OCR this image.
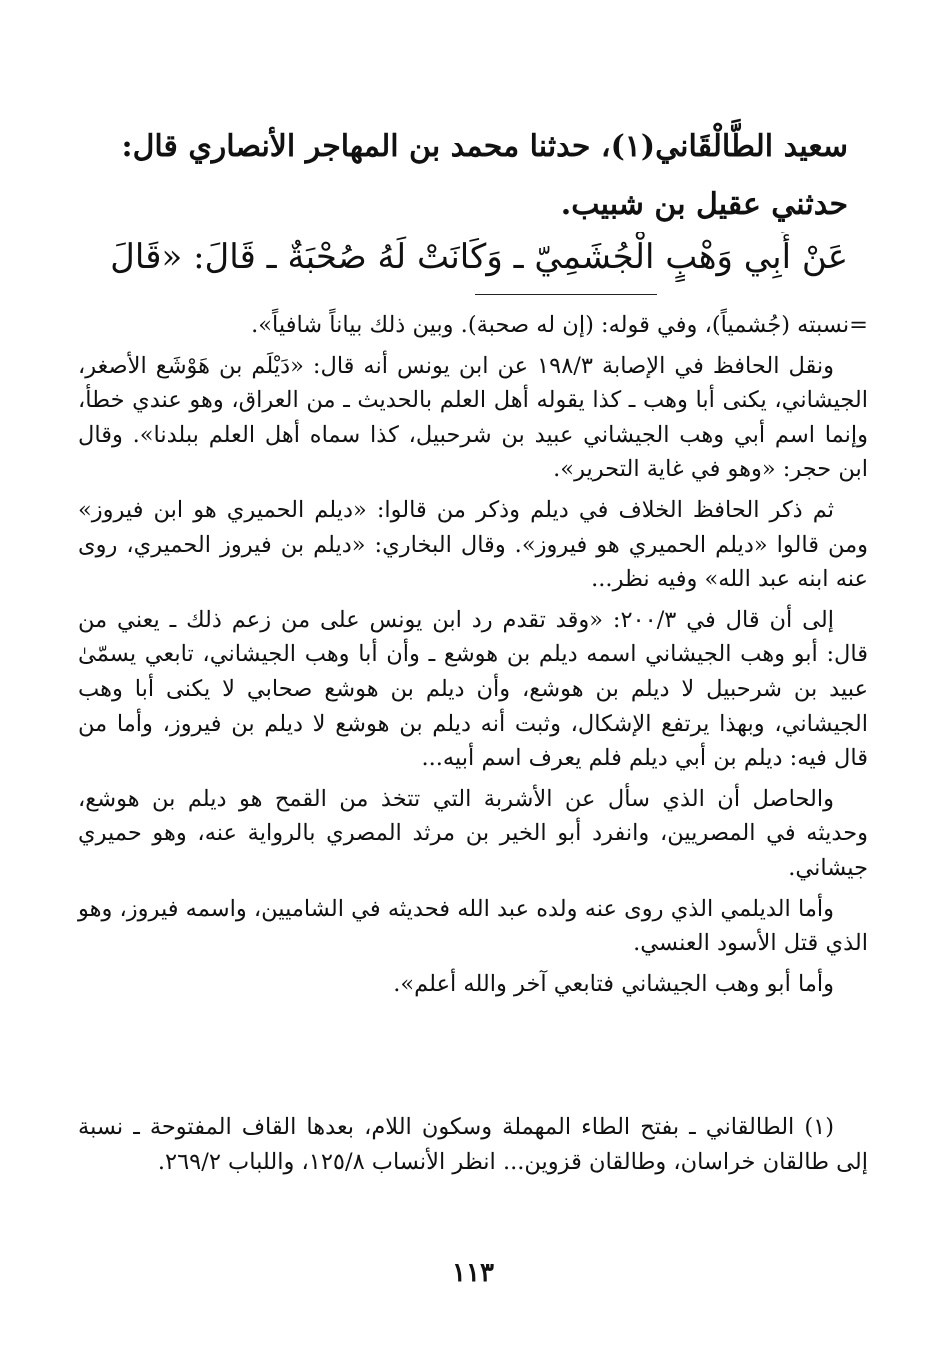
سعيد الطَّالْقَاني(١)، حدثنا محمد بن المهاجر الأنصاري قال:
حدثني عقيل بن شبيب.
عَنْ أَبِي وَهْبٍ الْجُشَمِيّ ـ وَكَانَتْ لَهُ صُحْبَةٌ ـ قَالَ: «قَالَ

=نسبته (جُشمياً)، وفي قوله: (إن له صحبة). وبين ذلك بياناً شافياً».

ونقل الحافظ في الإصابة ١٩٨/٣ عن ابن يونس أنه قال: «دَيْلَم بن هَوْشَع الأصغر، الجيشاني، يكنى أبا وهب ـ كذا يقوله أهل العلم بالحديث ـ من العراق، وهو عندي خطأ، وإنما اسم أبي وهب الجيشاني عبيد بن شرحبيل، كذا سماه أهل العلم ببلدنا». وقال ابن حجر: «وهو في غاية التحرير».

ثم ذكر الحافظ الخلاف في ديلم وذكر من قالوا: «ديلم الحميري هو ابن فيروز» ومن قالوا «ديلم الحميري هو فيروز». وقال البخاري: «ديلم بن فيروز الحميري، روى عنه ابنه عبد الله» وفيه نظر...

إلى أن قال في ٢٠٠/٣: «وقد تقدم رد ابن يونس على من زعم ذلك ـ يعني من قال: أبو وهب الجيشاني اسمه ديلم بن هوشع ـ وأن أبا وهب الجيشاني، تابعي يسمّىٰ عبيد بن شرحبيل لا ديلم بن هوشع، وأن ديلم بن هوشع صحابي لا يكنى أبا وهب الجيشاني، وبهذا يرتفع الإشكال، وثبت أنه ديلم بن هوشع لا ديلم بن فيروز، وأما من قال فيه: ديلم بن أبي ديلم فلم يعرف اسم أبيه...

والحاصل أن الذي سأل عن الأشربة التي تتخذ من القمح هو ديلم بن هوشع، وحديثه في المصريين، وانفرد أبو الخير بن مرثد المصري بالرواية عنه، وهو حميري جيشاني.

وأما الديلمي الذي روى عنه ولده عبد الله فحديثه في الشاميين، واسمه فيروز، وهو الذي قتل الأسود العنسي.

وأما أبو وهب الجيشاني فتابعي آخر والله أعلم».

(١) الطالقاني ـ بفتح الطاء المهملة وسكون اللام، بعدها القاف المفتوحة ـ نسبة إلى طالقان خراسان، وطالقان قزوين... انظر الأنساب ١٢٥/٨، واللباب ٢٦٩/٢.

١١٣
